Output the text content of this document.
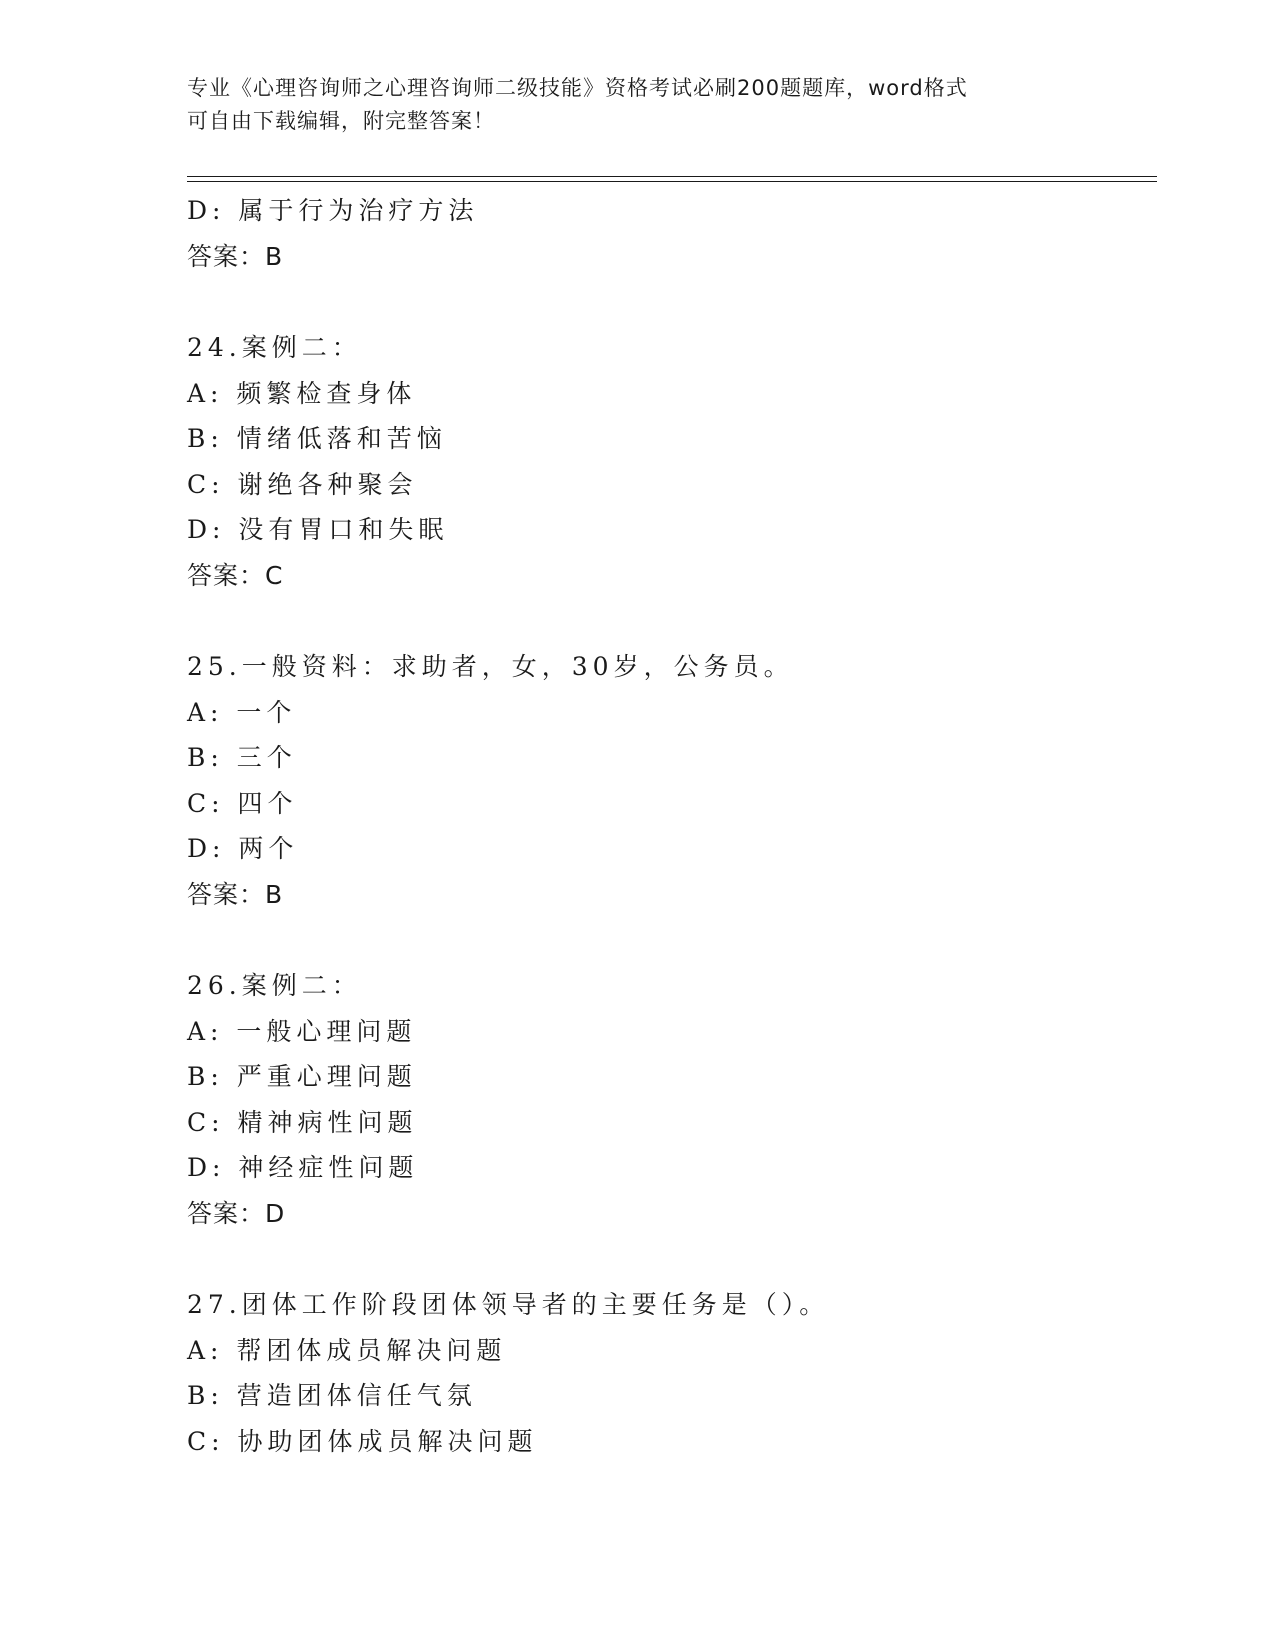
专业《心理咨询师之心理咨询师二级技能》资格考试必刷200题题库，word格式
可自由下载编辑，附完整答案！
D: 属于行为治疗方法
答案：B
24.案例二：
A: 频繁检查身体
B: 情绪低落和苦恼
C: 谢绝各种聚会
D: 没有胃口和失眠
答案：C
25.一般资料：求助者，女，30岁，公务员。
A: 一个
B: 三个
C: 四个
D: 两个
答案：B
26.案例二：
A: 一般心理问题
B: 严重心理问题
C: 精神病性问题
D: 神经症性问题
答案：D
27.团体工作阶段团体领导者的主要任务是（）。
A: 帮团体成员解决问题
B: 营造团体信任气氛
C: 协助团体成员解决问题
